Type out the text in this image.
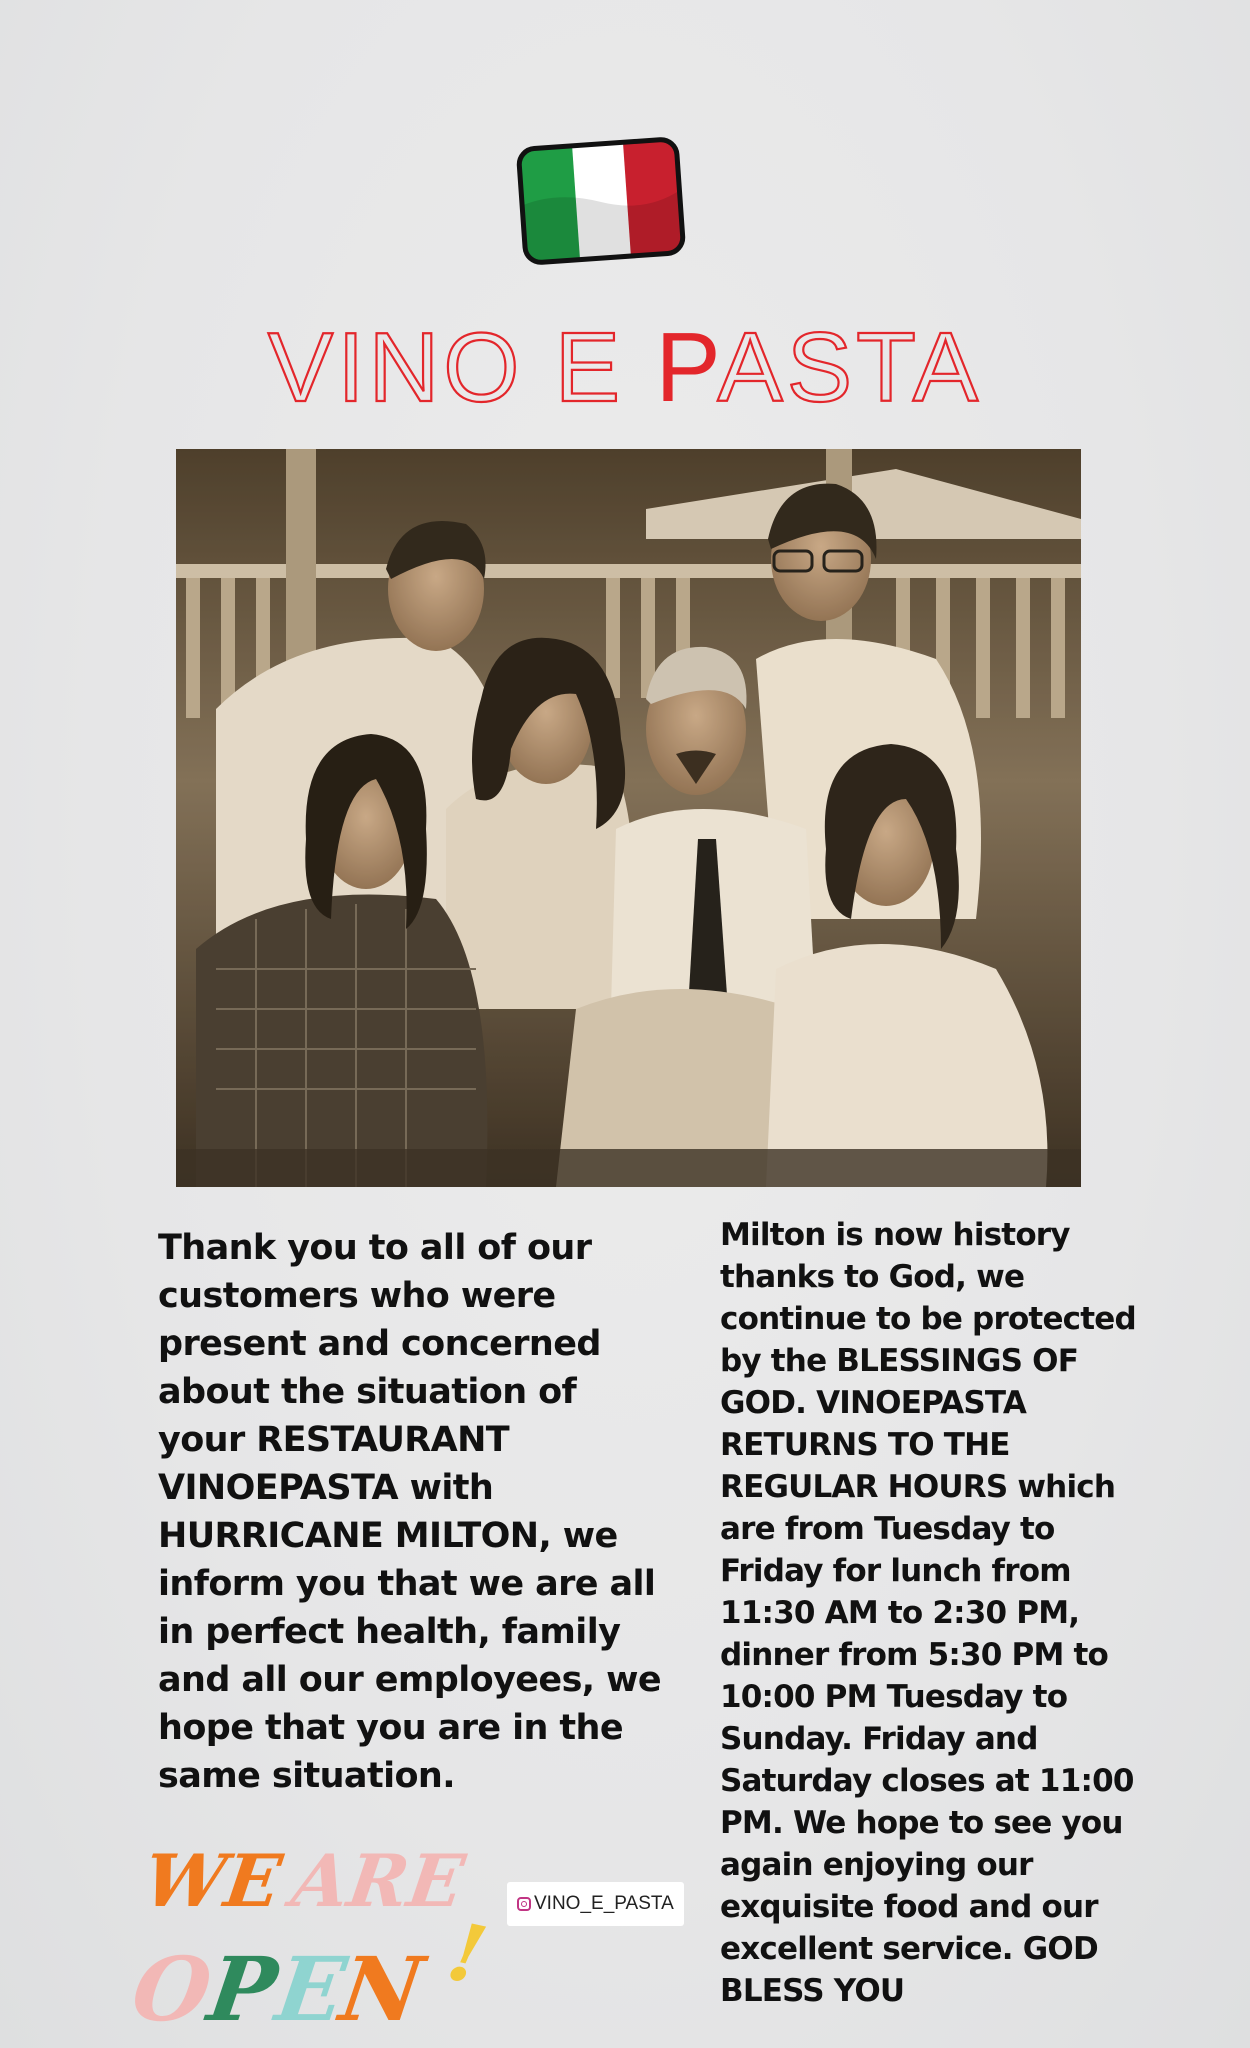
VINO E PASTA
Thank you to all of our customers who were present and concerned about the situation of your RESTAURANT VINOEPASTA with HURRICANE MILTON, we inform you that we are all in perfect health, family and all our employees, we hope that you are in the same situation.
Milton is now history thanks to God, we continue to be protected by the BLESSINGS OF GOD. VINOEPASTA RETURNS TO THE REGULAR HOURS which are from Tuesday to Friday for lunch from 11:30 AM to 2:30 PM, dinner from 5:30 PM to 10:00 PM Tuesday to Sunday. Friday and Saturday closes at 11:00 PM. We hope to see you again enjoying our exquisite food and our excellent service. GOD BLESS YOU
WE ARE
O
P
E
N !
VINO_E_PASTA
